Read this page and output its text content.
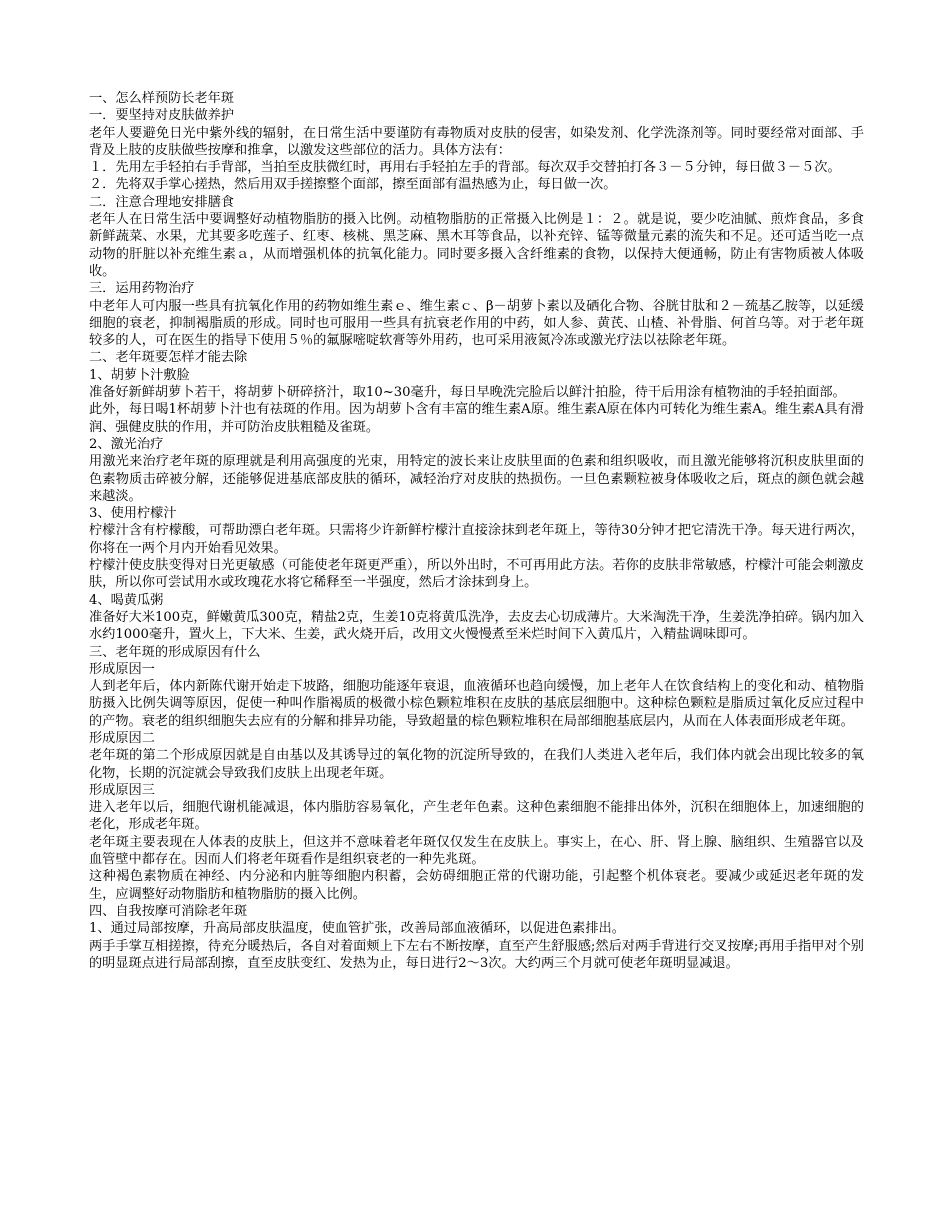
一、怎么样预防长老年斑

一．要坚持对皮肤做养护

老年人要避免日光中紫外线的辐射，在日常生活中要谨防有毒物质对皮肤的侵害，如染发剂、化学洗涤剂等。同时要经常对面部、手背及上肢的皮肤做些按摩和推拿，以激发这些部位的活力。具体方法有：

１．先用左手轻拍右手背部，当拍至皮肤微红时，再用右手轻拍左手的背部。每次双手交替拍打各３－５分钟，每日做３－５次。

２．先将双手掌心搓热，然后用双手搓擦整个面部，擦至面部有温热感为止，每日做一次。

二．注意合理地安排膳食

老年人在日常生活中要调整好动植物脂肪的摄入比例。动植物脂肪的正常摄入比例是１：２。就是说，要少吃油腻、煎炸食品，多食新鲜蔬菜、水果，尤其要多吃莲子、红枣、核桃、黑芝麻、黑木耳等食品，以补充锌、锰等微量元素的流失和不足。还可适当吃一点动物的肝脏以补充维生素ａ，从而增强机体的抗氧化能力。同时要多摄入含纤维素的食物，以保持大便通畅，防止有害物质被人体吸收。

三．运用药物治疗

中老年人可内服一些具有抗氧化作用的药物如维生素ｅ、维生素ｃ、β－胡萝卜素以及硒化合物、谷胱甘肽和２－巯基乙胺等，以延缓细胞的衰老，抑制褐脂质的形成。同时也可服用一些具有抗衰老作用的中药，如人参、黄芪、山楂、补骨脂、何首乌等。对于老年斑较多的人，可在医生的指导下使用５％的氟脲嘧啶软膏等外用药，也可采用液氮冷冻或激光疗法以祛除老年斑。

二、老年斑要怎样才能去除

1、胡萝卜汁敷脸

准备好新鲜胡萝卜若干，将胡萝卜研碎挤汁，取10~30毫升，每日早晚洗完脸后以鲜汁拍脸，待干后用涂有植物油的手轻拍面部。

此外，每日喝1杯胡萝卜汁也有祛斑的作用。因为胡萝卜含有丰富的维生素A原。维生素A原在体内可转化为维生素A。维生素A具有滑润、强健皮肤的作用，并可防治皮肤粗糙及雀斑。

2、激光治疗

用激光来治疗老年斑的原理就是利用高强度的光束，用特定的波长来让皮肤里面的色素和组织吸收，而且激光能够将沉积皮肤里面的色素物质击碎被分解，还能够促进基底部皮肤的循环，减轻治疗对皮肤的热损伤。一旦色素颗粒被身体吸收之后，斑点的颜色就会越来越淡。

3、使用柠檬汁

柠檬汁含有柠檬酸，可帮助漂白老年斑。只需将少许新鲜柠檬汁直接涂抹到老年斑上，等待30分钟才把它清洗干净。每天进行两次，你将在一两个月内开始看见效果。

柠檬汁使皮肤变得对日光更敏感（可能使老年斑更严重），所以外出时，不可再用此方法。若你的皮肤非常敏感，柠檬汁可能会刺激皮肤，所以你可尝试用水或玫瑰花水将它稀释至一半强度，然后才涂抹到身上。

4、喝黄瓜粥

准备好大米100克，鲜嫩黄瓜300克，精盐2克，生姜10克将黄瓜洗净，去皮去心切成薄片。大米淘洗干净，生姜洗净拍碎。锅内加入水约1000毫升，置火上，下大米、生姜，武火烧开后，改用文火慢慢煮至米烂时间下入黄瓜片，入精盐调味即可。

三、老年斑的形成原因有什么

形成原因一

人到老年后，体内新陈代谢开始走下坡路，细胞功能逐年衰退，血液循环也趋向缓慢，加上老年人在饮食结构上的变化和动、植物脂肪摄入比例失调等原因，促使一种叫作脂褐质的极微小棕色颗粒堆积在皮肤的基底层细胞中。这种棕色颗粒是脂质过氧化反应过程中的产物。衰老的组织细胞失去应有的分解和排异功能，导致超量的棕色颗粒堆积在局部细胞基底层内，从而在人体表面形成老年斑。

形成原因二

老年斑的第二个形成原因就是自由基以及其诱导过的氧化物的沉淀所导致的，在我们人类进入老年后，我们体内就会出现比较多的氧化物，长期的沉淀就会导致我们皮肤上出现老年斑。

形成原因三

进入老年以后，细胞代谢机能减退，体内脂肪容易氧化，产生老年色素。这种色素细胞不能排出体外，沉积在细胞体上，加速细胞的老化，形成老年斑。

老年斑主要表现在人体表的皮肤上，但这并不意味着老年斑仅仅发生在皮肤上。事实上，在心、肝、肾上腺、脑组织、生殖器官以及血管壁中都存在。因而人们将老年斑看作是组织衰老的一种先兆斑。

这种褐色素物质在神经、内分泌和内脏等细胞内积蓄，会妨碍细胞正常的代谢功能，引起整个机体衰老。要减少或延迟老年斑的发生，应调整好动物脂肪和植物脂肪的摄入比例。

四、自我按摩可消除老年斑

1、通过局部按摩，升高局部皮肤温度，使血管扩张，改善局部血液循环，以促进色素排出。

两手手掌互相搓擦，待充分暖热后，各自对着面颊上下左右不断按摩，直至产生舒服感;然后对两手背进行交叉按摩;再用手指甲对个别的明显斑点进行局部刮擦，直至皮肤变红、发热为止，每日进行2～3次。大约两三个月就可使老年斑明显减退。
